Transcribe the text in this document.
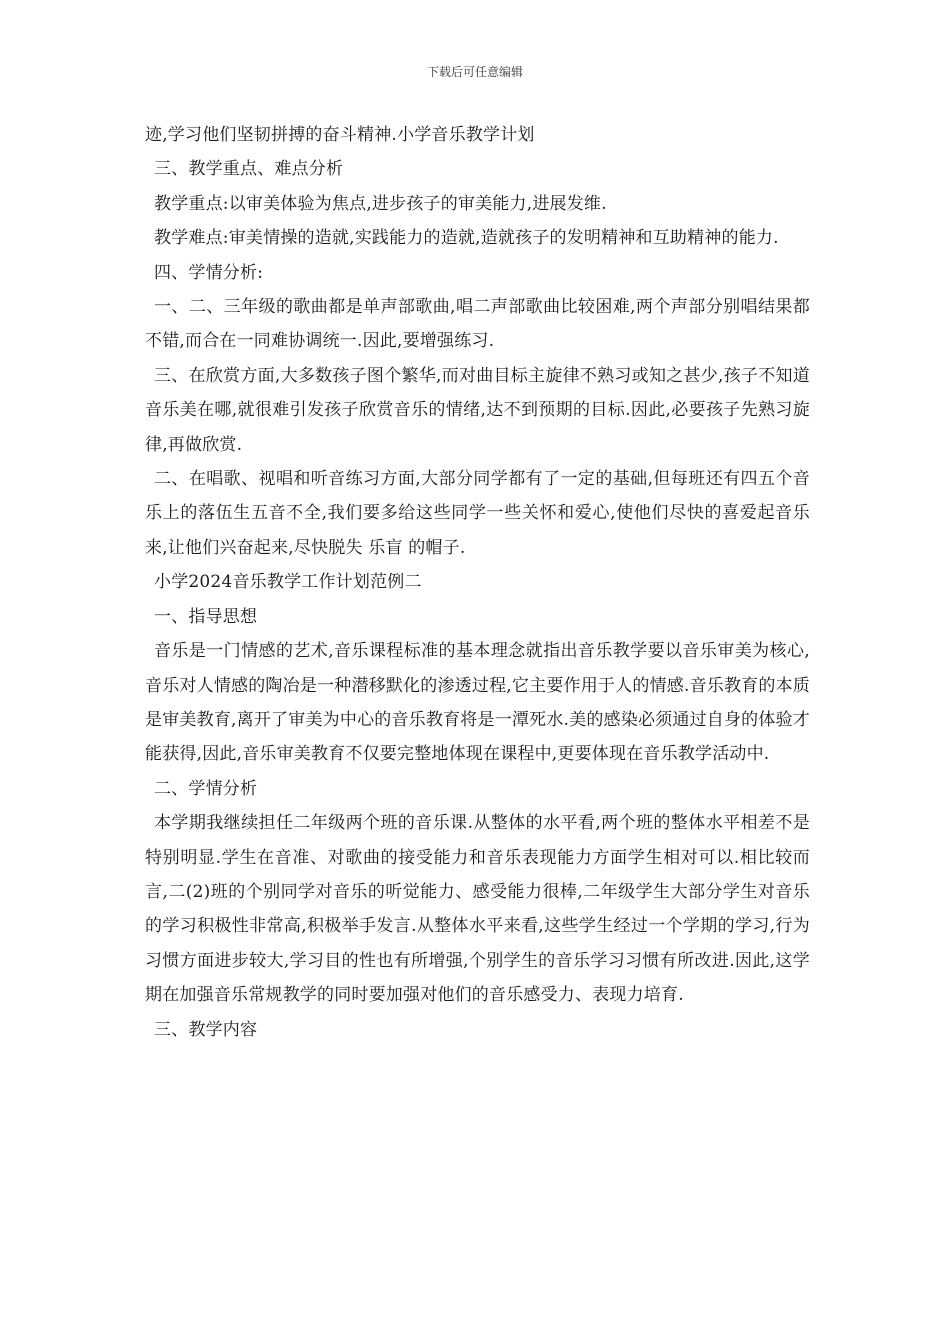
下载后可任意编辑

迹,学习他们坚韧拼搏的奋斗精神.小学音乐教学计划

三、教学重点、难点分析

教学重点:以审美体验为焦点,进步孩子的审美能力,进展发维.

教学难点:审美情操的造就,实践能力的造就,造就孩子的发明精神和互助精神的能力.

四、学情分析:

一、二、三年级的歌曲都是单声部歌曲,唱二声部歌曲比较困难,两个声部分别唱结果都不错,而合在一同难协调统一.因此,要增强练习.

三、在欣赏方面,大多数孩子图个繁华,而对曲目标主旋律不熟习或知之甚少,孩子不知道音乐美在哪,就很难引发孩子欣赏音乐的情绪,达不到预期的目标.因此,必要孩子先熟习旋律,再做欣赏.

二、在唱歌、视唱和听音练习方面,大部分同学都有了一定的基础,但每班还有四五个音乐上的落伍生五音不全,我们要多给这些同学一些关怀和爱心,使他们尽快的喜爱起音乐来,让他们兴奋起来,尽快脱失 乐盲 的帽子.

小学2024音乐教学工作计划范例二

一、指导思想

音乐是一门情感的艺术,音乐课程标准的基本理念就指出音乐教学要以音乐审美为核心,音乐对人情感的陶冶是一种潜移默化的渗透过程,它主要作用于人的情感.音乐教育的本质是审美教育,离开了审美为中心的音乐教育将是一潭死水.美的感染必须通过自身的体验才能获得,因此,音乐审美教育不仅要完整地体现在课程中,更要体现在音乐教学活动中.

二、学情分析

本学期我继续担任二年级两个班的音乐课.从整体的水平看,两个班的整体水平相差不是特别明显.学生在音准、对歌曲的接受能力和音乐表现能力方面学生相对可以.相比较而言,二(2)班的个别同学对音乐的听觉能力、感受能力很棒,二年级学生大部分学生对音乐的学习积极性非常高,积极举手发言.从整体水平来看,这些学生经过一个学期的学习,行为习惯方面进步较大,学习目的性也有所增强,个别学生的音乐学习习惯有所改进.因此,这学期在加强音乐常规教学的同时要加强对他们的音乐感受力、表现力培育.

三、教学内容
